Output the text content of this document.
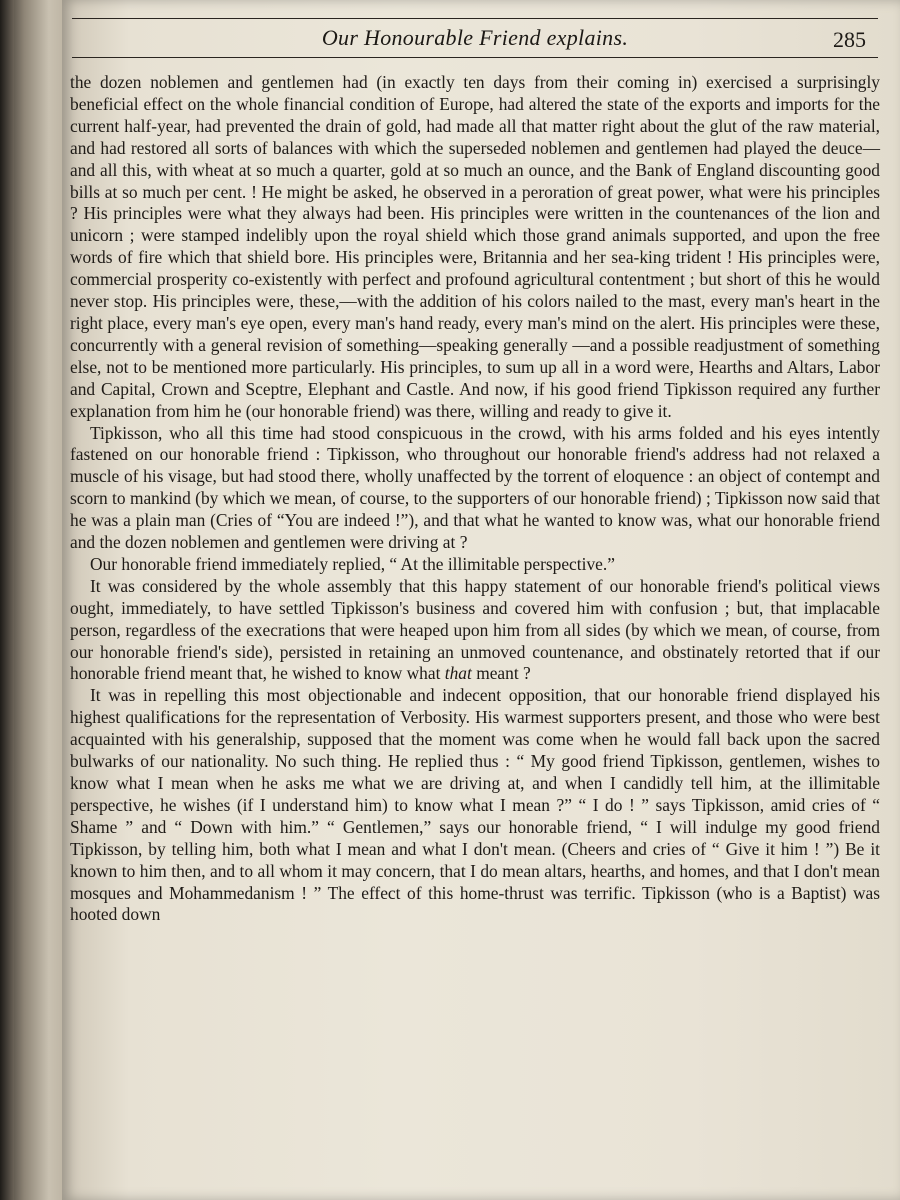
Our Honourable Friend explains.	285

the dozen noblemen and gentlemen had (in exactly ten days from their coming in) exercised a surprisingly beneficial effect on the whole financial condition of Europe, had altered the state of the exports and imports for the current half-year, had prevented the drain of gold, had made all that matter right about the glut of the raw material, and had restored all sorts of balances with which the superseded noblemen and gentlemen had played the deuce—and all this, with wheat at so much a quarter, gold at so much an ounce, and the Bank of England discounting good bills at so much per cent. ! He might be asked, he observed in a peroration of great power, what were his principles ? His principles were what they always had been. His principles were written in the countenances of the lion and unicorn ; were stamped indelibly upon the royal shield which those grand animals supported, and upon the free words of fire which that shield bore. His principles were, Britannia and her sea-king trident ! His principles were, commercial prosperity co-existently with perfect and profound agricultural contentment ; but short of this he would never stop. His principles were, these,—with the addition of his colors nailed to the mast, every man's heart in the right place, every man's eye open, every man's hand ready, every man's mind on the alert. His principles were these, concurrently with a general revision of something—speaking generally —and a possible readjustment of something else, not to be mentioned more particularly. His principles, to sum up all in a word were, Hearths and Altars, Labor and Capital, Crown and Sceptre, Elephant and Castle. And now, if his good friend Tipkisson required any further explanation from him he (our honorable friend) was there, willing and ready to give it.

Tipkisson, who all this time had stood conspicuous in the crowd, with his arms folded and his eyes intently fastened on our honorable friend : Tipkisson, who throughout our honorable friend's address had not relaxed a muscle of his visage, but had stood there, wholly unaffected by the torrent of eloquence : an object of contempt and scorn to mankind (by which we mean, of course, to the supporters of our honorable friend) ; Tipkisson now said that he was a plain man (Cries of “You are indeed !”), and that what he wanted to know was, what our honorable friend and the dozen noblemen and gentlemen were driving at ?

Our honorable friend immediately replied, “ At the illimitable perspective.”

It was considered by the whole assembly that this happy statement of our honorable friend's political views ought, immediately, to have settled Tipkisson's business and covered him with confusion ; but, that implacable person, regardless of the execrations that were heaped upon him from all sides (by which we mean, of course, from our honorable friend's side), persisted in retaining an unmoved countenance, and obstinately retorted that if our honorable friend meant that, he wished to know what that meant ?

It was in repelling this most objectionable and indecent opposition, that our honorable friend displayed his highest qualifications for the representation of Verbosity. His warmest supporters present, and those who were best acquainted with his generalship, supposed that the moment was come when he would fall back upon the sacred bulwarks of our nationality. No such thing. He replied thus : “ My good friend Tipkisson, gentlemen, wishes to know what I mean when he asks me what we are driving at, and when I candidly tell him, at the illimitable perspective, he wishes (if I understand him) to know what I mean ?” “ I do ! ” says Tipkisson, amid cries of “ Shame ” and “ Down with him.” “ Gentlemen,” says our honorable friend, “ I will indulge my good friend Tipkisson, by telling him, both what I mean and what I don't mean. (Cheers and cries of “ Give it him ! ”) Be it known to him then, and to all whom it may concern, that I do mean altars, hearths, and homes, and that I don't mean mosques and Mohammedanism ! ” The effect of this home-thrust was terrific. Tipkisson (who is a Baptist) was hooted down
